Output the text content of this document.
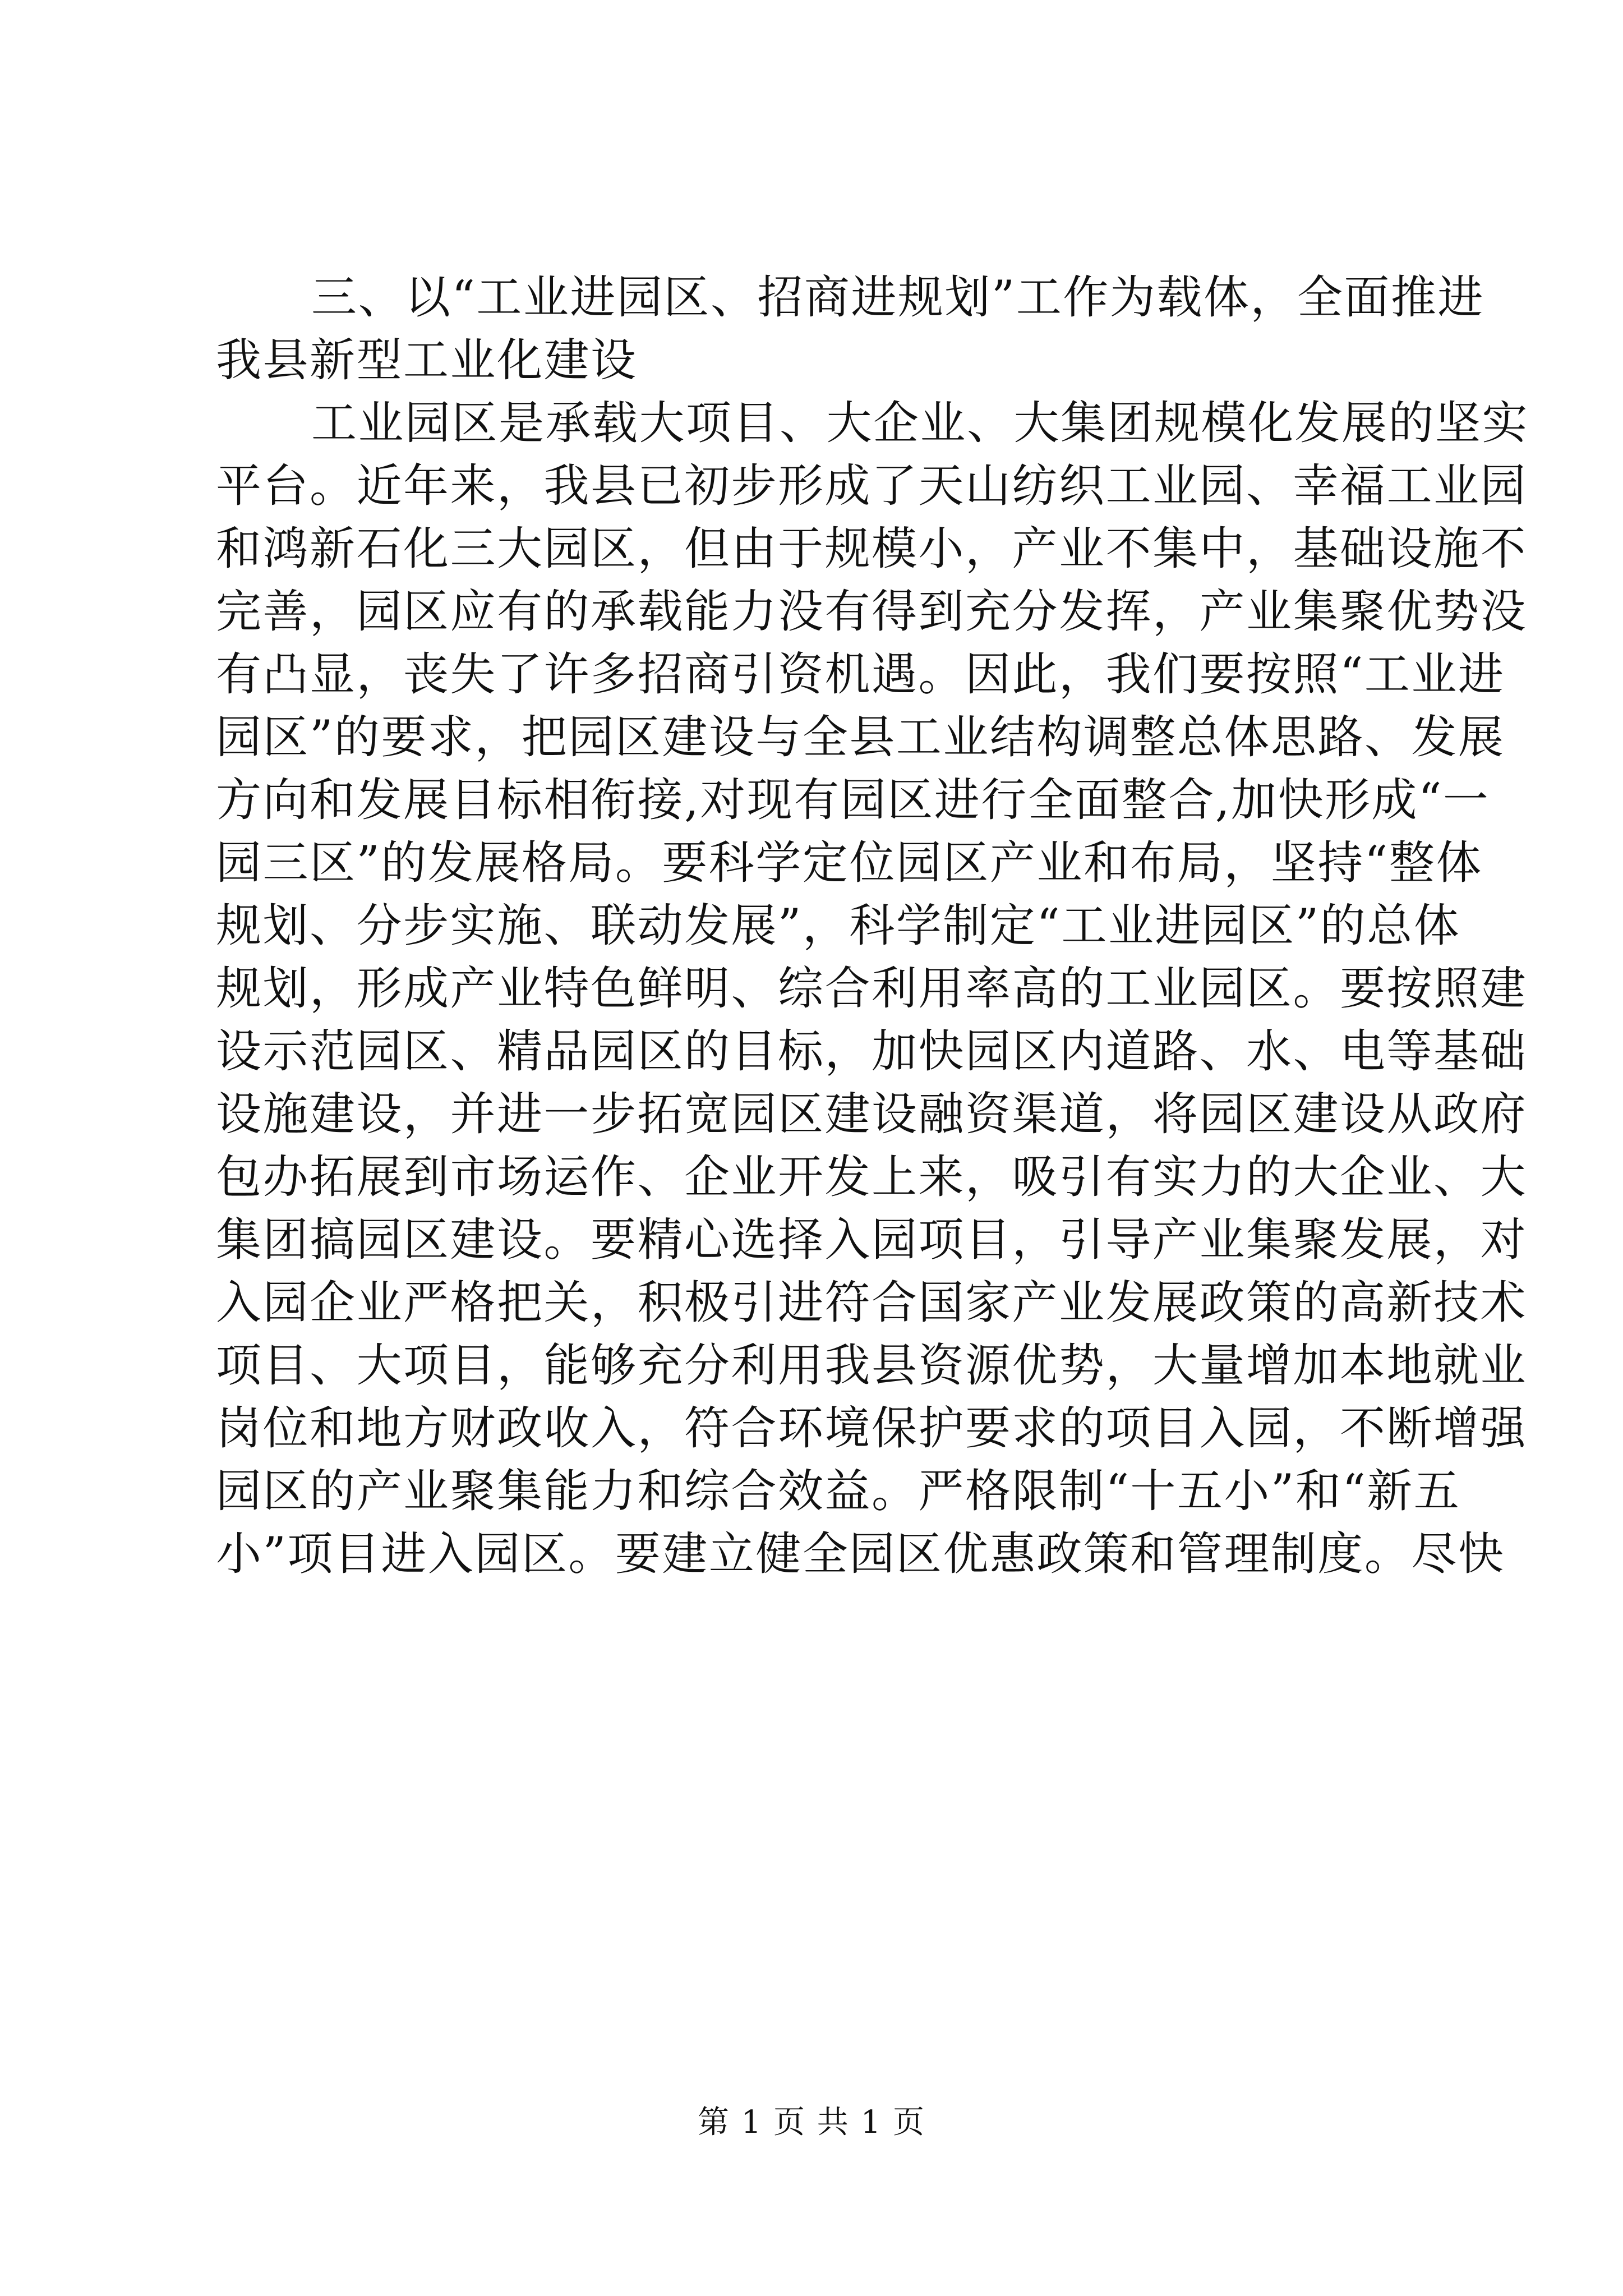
三、以“工业进园区、招商进规划”工作为载体，全面推进
我县新型工业化建设
工业园区是承载大项目、大企业、大集团规模化发展的坚实
平台。近年来，我县已初步形成了天山纺织工业园、幸福工业园
和鸿新石化三大园区，但由于规模小，产业不集中，基础设施不
完善，园区应有的承载能力没有得到充分发挥，产业集聚优势没
有凸显，丧失了许多招商引资机遇。因此，我们要按照“工业进
园区”的要求，把园区建设与全县工业结构调整总体思路、发展
方向和发展目标相衔接,对现有园区进行全面整合,加快形成“一
园三区”的发展格局。要科学定位园区产业和布局，坚持“整体
规划、分步实施、联动发展”，科学制定“工业进园区”的总体
规划，形成产业特色鲜明、综合利用率高的工业园区。要按照建
设示范园区、精品园区的目标，加快园区内道路、水、电等基础
设施建设，并进一步拓宽园区建设融资渠道，将园区建设从政府
包办拓展到市场运作、企业开发上来，吸引有实力的大企业、大
集团搞园区建设。要精心选择入园项目，引导产业集聚发展，对
入园企业严格把关，积极引进符合国家产业发展政策的高新技术
项目、大项目，能够充分利用我县资源优势，大量增加本地就业
岗位和地方财政收入，符合环境保护要求的项目入园，不断增强
园区的产业聚集能力和综合效益。严格限制“十五小”和“新五
小”项目进入园区。要建立健全园区优惠政策和管理制度。尽快
第 1 页 共 1 页
